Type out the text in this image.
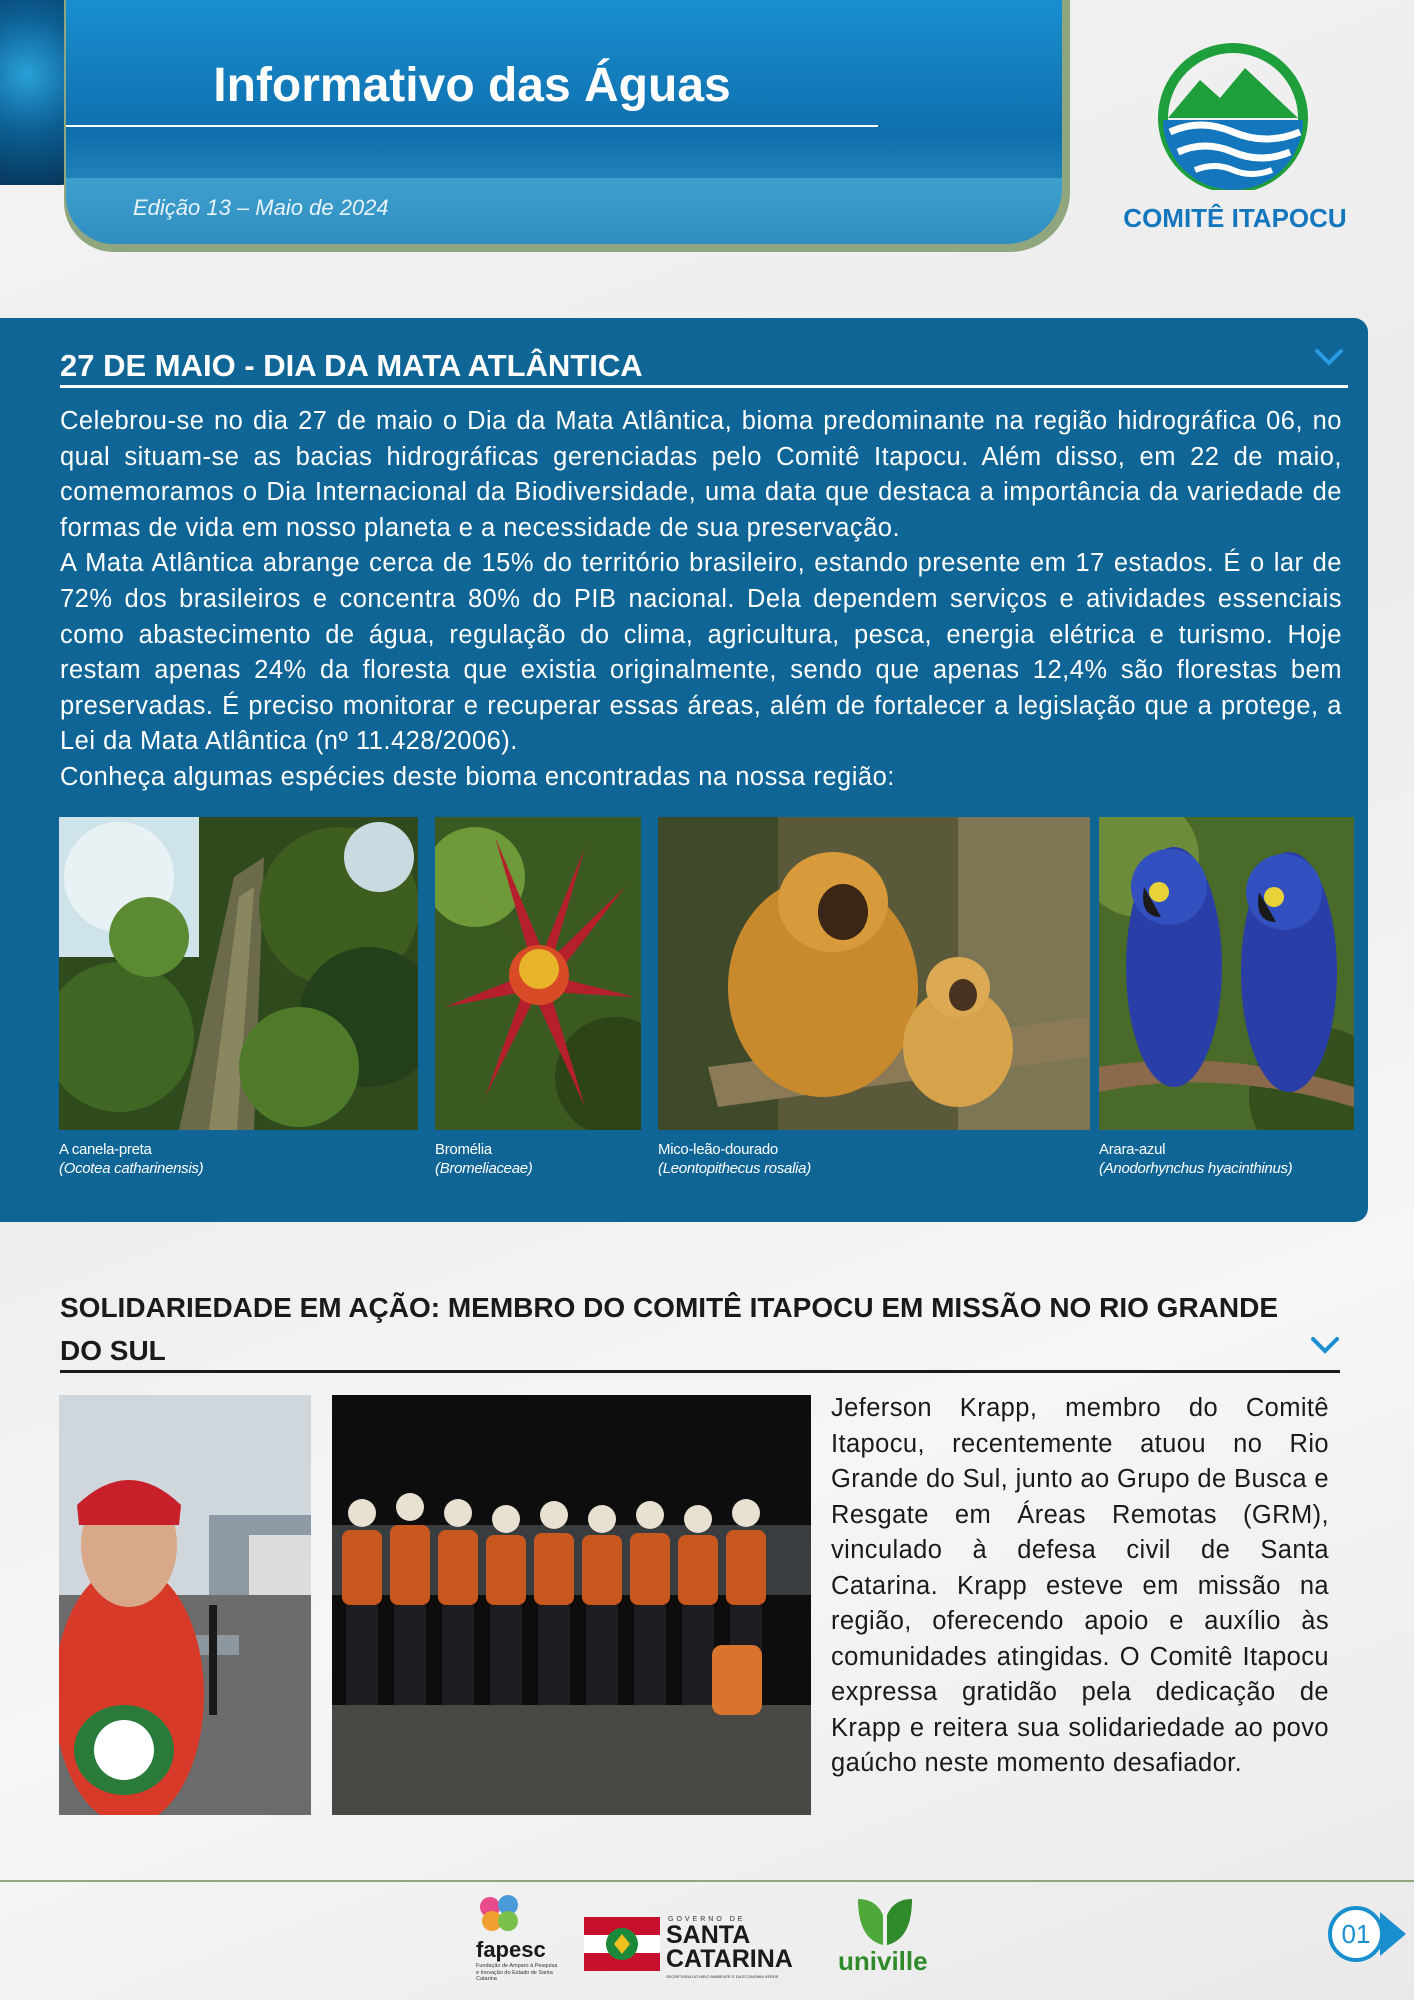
Informativo das Águas
Edição 13 – Maio de 2024	COMITÊ ITAPOCU
27 DE MAIO - DIA DA MATA ATLÂNTICA

Celebrou-se no dia 27 de maio o Dia da Mata Atlântica, bioma predominante na região hidrográfica 06, no qual situam-se as bacias hidrográficas gerenciadas pelo Comitê Itapocu. Além disso, em 22 de maio, comemoramos o Dia Internacional da Biodiversidade, uma data que destaca a importância da variedade de formas de vida em nosso planeta e a necessidade de sua preservação.

A Mata Atlântica abrange cerca de 15% do território brasileiro, estando presente em 17 estados. É o lar de 72% dos brasileiros e concentra 80% do PIB nacional. Dela dependem serviços e atividades essenciais como abastecimento de água, regulação do clima, agricultura, pesca, energia elétrica e turismo. Hoje restam apenas 24% da floresta que existia originalmente, sendo que apenas 12,4% são florestas bem preservadas. É preciso monitorar e recuperar essas áreas, além de fortalecer a legislação que a protege, a Lei da Mata Atlântica (nº 11.428/2006).

Conheça algumas espécies deste bioma encontradas na nossa região:

A canela-preta
(Ocotea catharinensis)
Bromélia
(Bromeliaceae)
Mico-leão-dourado
(Leontopithecus rosalia)
Arara-azul
(Anodorhynchus hyacinthinus)
SOLIDARIEDADE EM AÇÃO: MEMBRO DO COMITÊ ITAPOCU EM MISSÃO NO RIO GRANDE DO SUL
Jeferson Krapp, membro do Comitê Itapocu, recentemente atuou no Rio Grande do Sul, junto ao Grupo de Busca e Resgate em Áreas Remotas (GRM), vinculado à defesa civil de Santa Catarina. Krapp esteve em missão na região, oferecendo apoio e auxílio às comunidades atingidas. O Comitê Itapocu expressa gratidão pela dedicação de Krapp e reitera sua solidariedade ao povo gaúcho neste momento desafiador.
fapesc
Fundação de Amparo à Pesquisa e Inovação do Estado de Santa Catarina
GOVERNO DE
SANTA CATARINA
SECRETARIA DO MEIO AMBIENTE E DA ECONOMIA VERDE
univille
01
